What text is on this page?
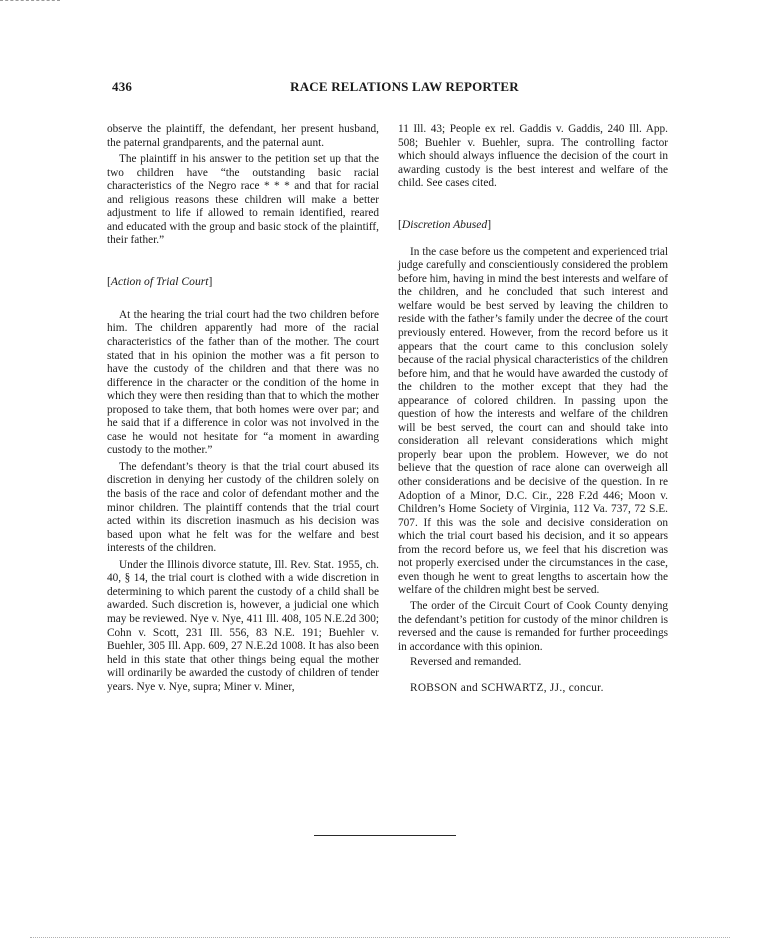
436	RACE RELATIONS LAW REPORTER

observe the plaintiff, the defendant, her present husband, the paternal grandparents, and the paternal aunt.

The plaintiff in his answer to the petition set up that the two children have “the outstanding basic racial characteristics of the Negro race * * * and that for racial and religious reasons these children will make a better adjustment to life if allowed to remain identified, reared and educated with the group and basic stock of the plaintiff, their father.”

[Action of Trial Court]

At the hearing the trial court had the two children before him. The children apparently had more of the racial characteristics of the father than of the mother. The court stated that in his opinion the mother was a fit person to have the custody of the children and that there was no difference in the character or the condition of the home in which they were then residing than that to which the mother proposed to take them, that both homes were over par; and he said that if a difference in color was not involved in the case he would not hesitate for “a moment in awarding custody to the mother.”

The defendant’s theory is that the trial court abused its discretion in denying her custody of the children solely on the basis of the race and color of defendant mother and the minor children. The plaintiff contends that the trial court acted within its discretion inasmuch as his decision was based upon what he felt was for the welfare and best interests of the children.

Under the Illinois divorce statute, Ill. Rev. Stat. 1955, ch. 40, § 14, the trial court is clothed with a wide discretion in determining to which parent the custody of a child shall be awarded. Such discretion is, however, a judicial one which may be reviewed. Nye v. Nye, 411 Ill. 408, 105 N.E.2d 300; Cohn v. Scott, 231 Ill. 556, 83 N.E. 191; Buehler v. Buehler, 305 Ill. App. 609, 27 N.E.2d 1008. It has also been held in this state that other things being equal the mother will ordinarily be awarded the custody of children of tender years. Nye v. Nye, supra; Miner v. Miner,

11 Ill. 43; People ex rel. Gaddis v. Gaddis, 240 Ill. App. 508; Buehler v. Buehler, supra. The controlling factor which should always influence the decision of the court in awarding custody is the best interest and welfare of the child. See cases cited.

[Discretion Abused]

In the case before us the competent and experienced trial judge carefully and conscientiously considered the problem before him, having in mind the best interests and welfare of the children, and he concluded that such interest and welfare would be best served by leaving the children to reside with the father’s family under the decree of the court previously entered. However, from the record before us it appears that the court came to this conclusion solely because of the racial physical characteristics of the children before him, and that he would have awarded the custody of the children to the mother except that they had the appearance of colored children. In passing upon the question of how the interests and welfare of the children will be best served, the court can and should take into consideration all relevant considerations which might properly bear upon the problem. However, we do not believe that the question of race alone can overweigh all other considerations and be decisive of the question. In re Adoption of a Minor, D.C. Cir., 228 F.2d 446; Moon v. Children’s Home Society of Virginia, 112 Va. 737, 72 S.E. 707. If this was the sole and decisive consideration on which the trial court based his decision, and it so appears from the record before us, we feel that his discretion was not properly exercised under the circumstances in the case, even though he went to great lengths to ascertain how the welfare of the children might best be served.

The order of the Circuit Court of Cook County denying the defendant’s petition for custody of the minor children is reversed and the cause is remanded for further proceedings in accordance with this opinion.

Reversed and remanded.

ROBSON and SCHWARTZ, JJ., concur.
